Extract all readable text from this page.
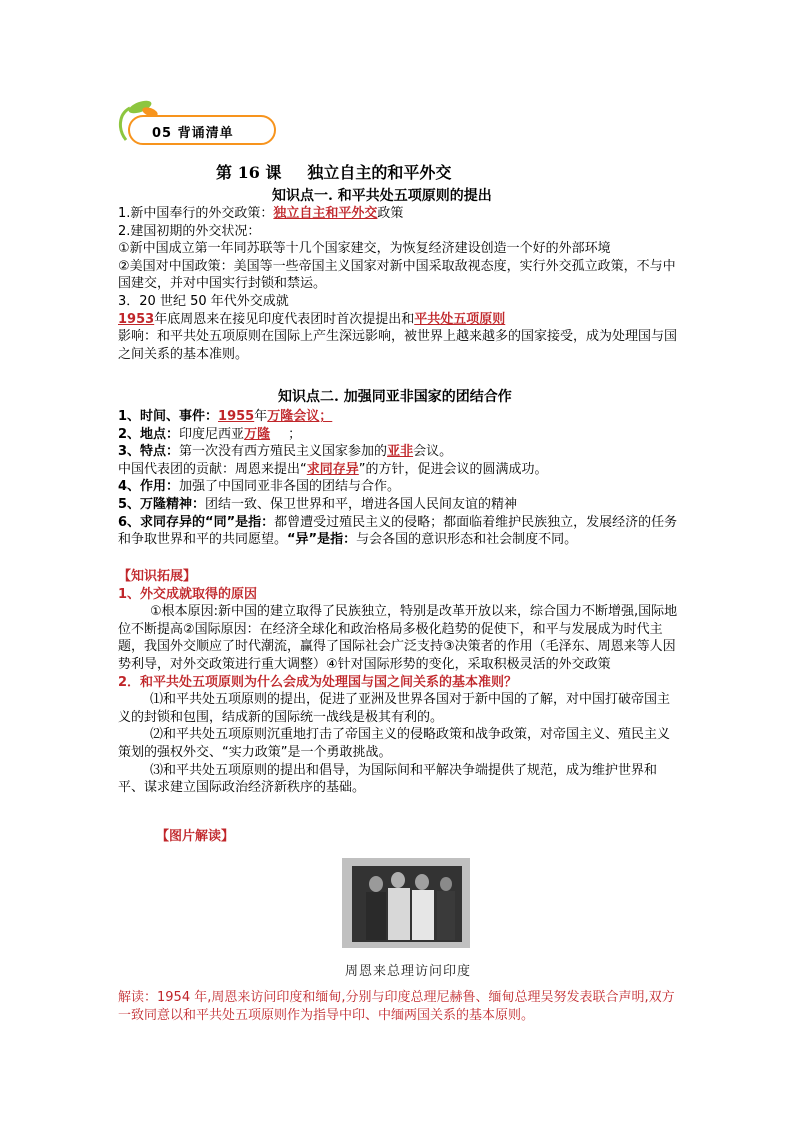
05 背诵清单
第 16 课 独立自主的和平外交
知识点一. 和平共处五项原则的提出

1.新中国奉行的外交政策：独立自主和平外交政策

2.建国初期的外交状况：

①新中国成立第一年同苏联等十几个国家建交，为恢复经济建设创造一个好的外部环境

②美国对中国政策：美国等一些帝国主义国家对新中国采取敌视态度，实行外交孤立政策，不与中国建交，并对中国实行封锁和禁运。

3．20 世纪 50 年代外交成就

1953年底周恩来在接见印度代表团时首次提提出和平共处五项原则

影响：和平共处五项原则在国际上产生深远影响，被世界上越来越多的国家接受，成为处理国与国之间关系的基本准则。

知识点二. 加强同亚非国家的团结合作

1、时间、事件：1955年万隆会议；

2、地点：印度尼西亚万隆 ；

3、特点：第一次没有西方殖民主义国家参加的亚非会议。

中国代表团的贡献：周恩来提出“求同存异”的方针，促进会议的圆满成功。

4、作用：加强了中国同亚非各国的团结与合作。

5、万隆精神：团结一致、保卫世界和平，增进各国人民间友谊的精神

6、求同存异的“同”是指：都曾遭受过殖民主义的侵略；都面临着维护民族独立，发展经济的任务和争取世界和平的共同愿望。“异”是指：与会各国的意识形态和社会制度不同。

【知识拓展】

1、外交成就取得的原因

①根本原因:新中国的建立取得了民族独立，特别是改革开放以来，综合国力不断增强,国际地位不断提高②国际原因：在经济全球化和政治格局多极化趋势的促使下，和平与发展成为时代主题，我国外交顺应了时代潮流，赢得了国际社会广泛支持③决策者的作用（毛泽东、周恩来等人因势利导，对外交政策进行重大调整）④针对国际形势的变化，采取积极灵活的外交政策

2．和平共处五项原则为什么会成为处理国与国之间关系的基本准则？

⑴和平共处五项原则的提出，促进了亚洲及世界各国对于新中国的了解，对中国打破帝国主义的封锁和包围，结成新的国际统一战线是极其有利的。

⑵和平共处五项原则沉重地打击了帝国主义的侵略政策和战争政策，对帝国主义、殖民主义策划的强权外交、“实力政策”是一个勇敢挑战。

⑶和平共处五项原则的提出和倡导，为国际间和平解决争端提供了规范，成为维护世界和平、谋求建立国际政治经济新秩序的基础。

【图片解读】

周恩来总理访问印度

解读：1954 年,周恩来访问印度和缅甸,分别与印度总理尼赫鲁、缅甸总理吴努发表联合声明,双方一致同意以和平共处五项原则作为指导中印、中缅两国关系的基本原则。
